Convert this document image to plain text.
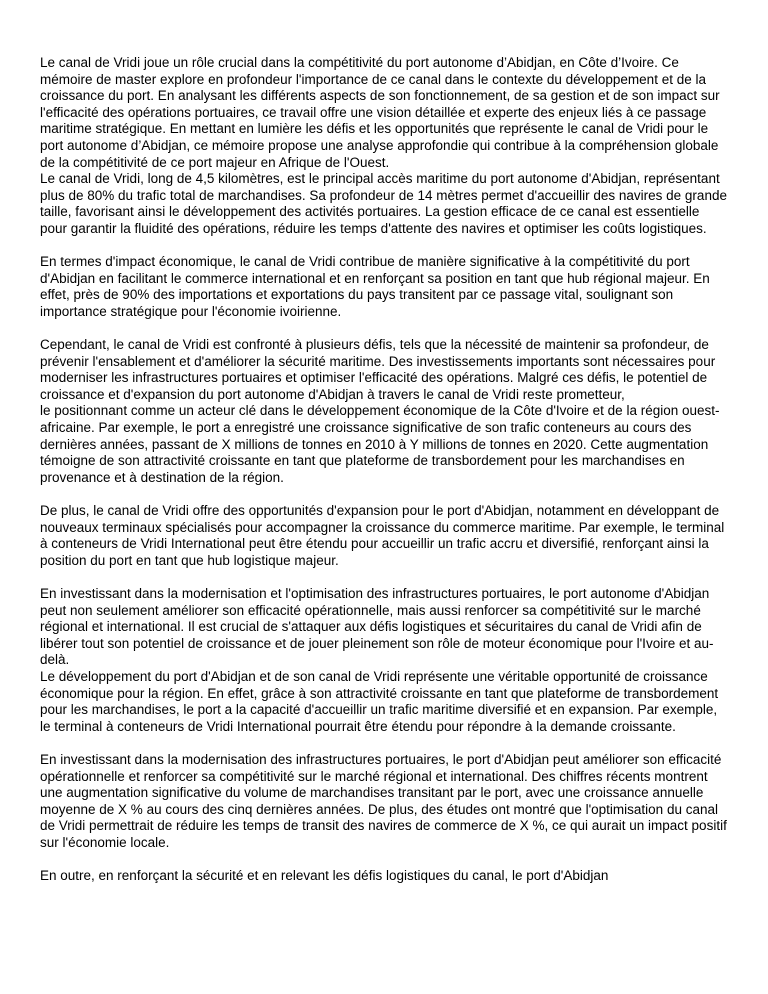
Le canal de Vridi joue un rôle crucial dans la compétitivité du port autonome d’Abidjan, en Côte d’Ivoire. Ce mémoire de master explore en profondeur l'importance de ce canal dans le contexte du développement et de la croissance du port. En analysant les différents aspects de son fonctionnement, de sa gestion et de son impact sur l'efficacité des opérations portuaires, ce travail offre une vision détaillée et experte des enjeux liés à ce passage maritime stratégique. En mettant en lumière les défis et les opportunités que représente le canal de Vridi pour le port autonome d’Abidjan, ce mémoire propose une analyse approfondie qui contribue à la compréhension globale de la compétitivité de ce port majeur en Afrique de l'Ouest.

Le canal de Vridi, long de 4,5 kilomètres, est le principal accès maritime du port autonome d'Abidjan, représentant plus de 80% du trafic total de marchandises. Sa profondeur de 14 mètres permet d'accueillir des navires de grande taille, favorisant ainsi le développement des activités portuaires. La gestion efficace de ce canal est essentielle pour garantir la fluidité des opérations, réduire les temps d'attente des navires et optimiser les coûts logistiques.

En termes d'impact économique, le canal de Vridi contribue de manière significative à la compétitivité du port d'Abidjan en facilitant le commerce international et en renforçant sa position en tant que hub régional majeur. En effet, près de 90% des importations et exportations du pays transitent par ce passage vital, soulignant son importance stratégique pour l'économie ivoirienne.

Cependant, le canal de Vridi est confronté à plusieurs défis, tels que la nécessité de maintenir sa profondeur, de prévenir l'ensablement et d'améliorer la sécurité maritime. Des investissements importants sont nécessaires pour moderniser les infrastructures portuaires et optimiser l'efficacité des opérations. Malgré ces défis, le potentiel de croissance et d'expansion du port autonome d'Abidjan à travers le canal de Vridi reste prometteur,

le positionnant comme un acteur clé dans le développement économique de la Côte d'Ivoire et de la région ouest-africaine. Par exemple, le port a enregistré une croissance significative de son trafic conteneurs au cours des dernières années, passant de X millions de tonnes en 2010 à Y millions de tonnes en 2020. Cette augmentation témoigne de son attractivité croissante en tant que plateforme de transbordement pour les marchandises en provenance et à destination de la région.

De plus, le canal de Vridi offre des opportunités d'expansion pour le port d'Abidjan, notamment en développant de nouveaux terminaux spécialisés pour accompagner la croissance du commerce maritime. Par exemple, le terminal à conteneurs de Vridi International peut être étendu pour accueillir un trafic accru et diversifié, renforçant ainsi la position du port en tant que hub logistique majeur.

En investissant dans la modernisation et l'optimisation des infrastructures portuaires, le port autonome d'Abidjan peut non seulement améliorer son efficacité opérationnelle, mais aussi renforcer sa compétitivité sur le marché régional et international. Il est crucial de s'attaquer aux défis logistiques et sécuritaires du canal de Vridi afin de libérer tout son potentiel de croissance et de jouer pleinement son rôle de moteur économique pour l'Ivoire et au-delà.

Le développement du port d'Abidjan et de son canal de Vridi représente une véritable opportunité de croissance économique pour la région. En effet, grâce à son attractivité croissante en tant que plateforme de transbordement pour les marchandises, le port a la capacité d'accueillir un trafic maritime diversifié et en expansion. Par exemple, le terminal à conteneurs de Vridi International pourrait être étendu pour répondre à la demande croissante.

En investissant dans la modernisation des infrastructures portuaires, le port d'Abidjan peut améliorer son efficacité opérationnelle et renforcer sa compétitivité sur le marché régional et international. Des chiffres récents montrent une augmentation significative du volume de marchandises transitant par le port, avec une croissance annuelle moyenne de X % au cours des cinq dernières années. De plus, des études ont montré que l'optimisation du canal de Vridi permettrait de réduire les temps de transit des navires de commerce de X %, ce qui aurait un impact positif sur l'économie locale.

En outre, en renforçant la sécurité et en relevant les défis logistiques du canal, le port d'Abidjan
